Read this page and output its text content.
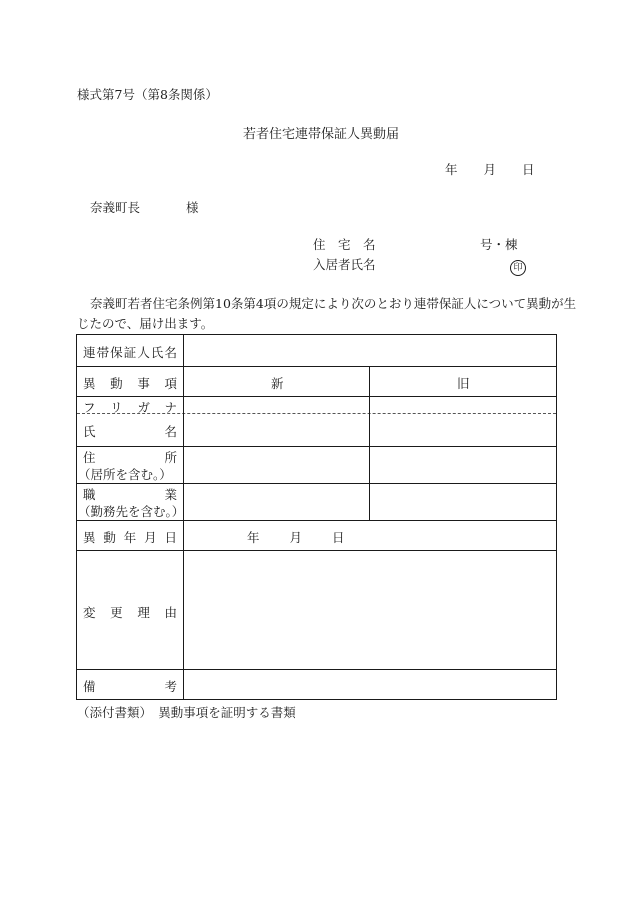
様式第7号（第8条関係）
若者住宅連帯保証人異動届
年 月 日
奈義町長	様
住　宅　名	号・棟
入居者氏名	印
奈義町若者住宅条例第10条第4項の規定により次のとおり連帯保証人について異動が生
じたので、届け出ます。
連 帯 保 証 人 氏 名
異 動 事 項	新	旧
フ リ ガ ナ
氏	名
住	所
（居所を含む。）
職	業
（勤務先を含む。）
異 動 年 月 日	年 月 日
変 更 理 由
備	考
（添付書類）　異動事項を証明する書類
